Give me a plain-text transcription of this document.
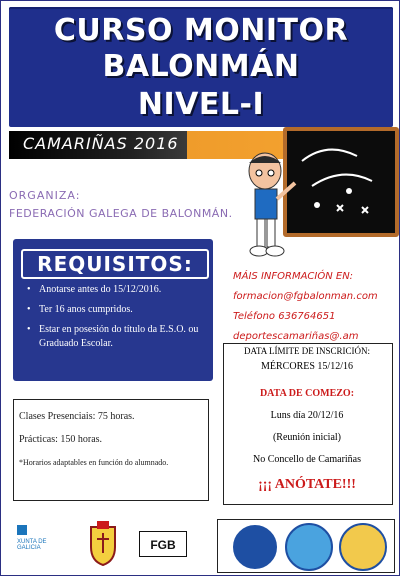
CURSO MONITOR
BALONMÁN
NIVEL-I
CAMARIÑAS 2016
ORGANIZA:
FEDERACIÓN GALEGA DE BALONMÁN.
REQUISITOS:
• Anotarse antes do 15/12/2016.
• Ter 16 anos cumpridos.
• Estar en posesión do título da E.S.O. ou Graduado Escolar.
MÁIS INFORMACIÓN EN:
formacion@fgbalonman.com
Teléfono 636764651
deportescamariñas@.am
DATA LÍMITE DE INSCRICIÓN:
MÉRCORES 15/12/16
DATA DE COMEZO:
Luns día 20/12/16
(Reunión inicial)
No Concello de Camariñas
¡¡¡ ANÓTATE!!!
Clases Presenciais: 75 horas.
Prácticas: 150 horas.
*Horarios adaptables en función do alumnado.
XUNTA DE GALICIA	FGB
